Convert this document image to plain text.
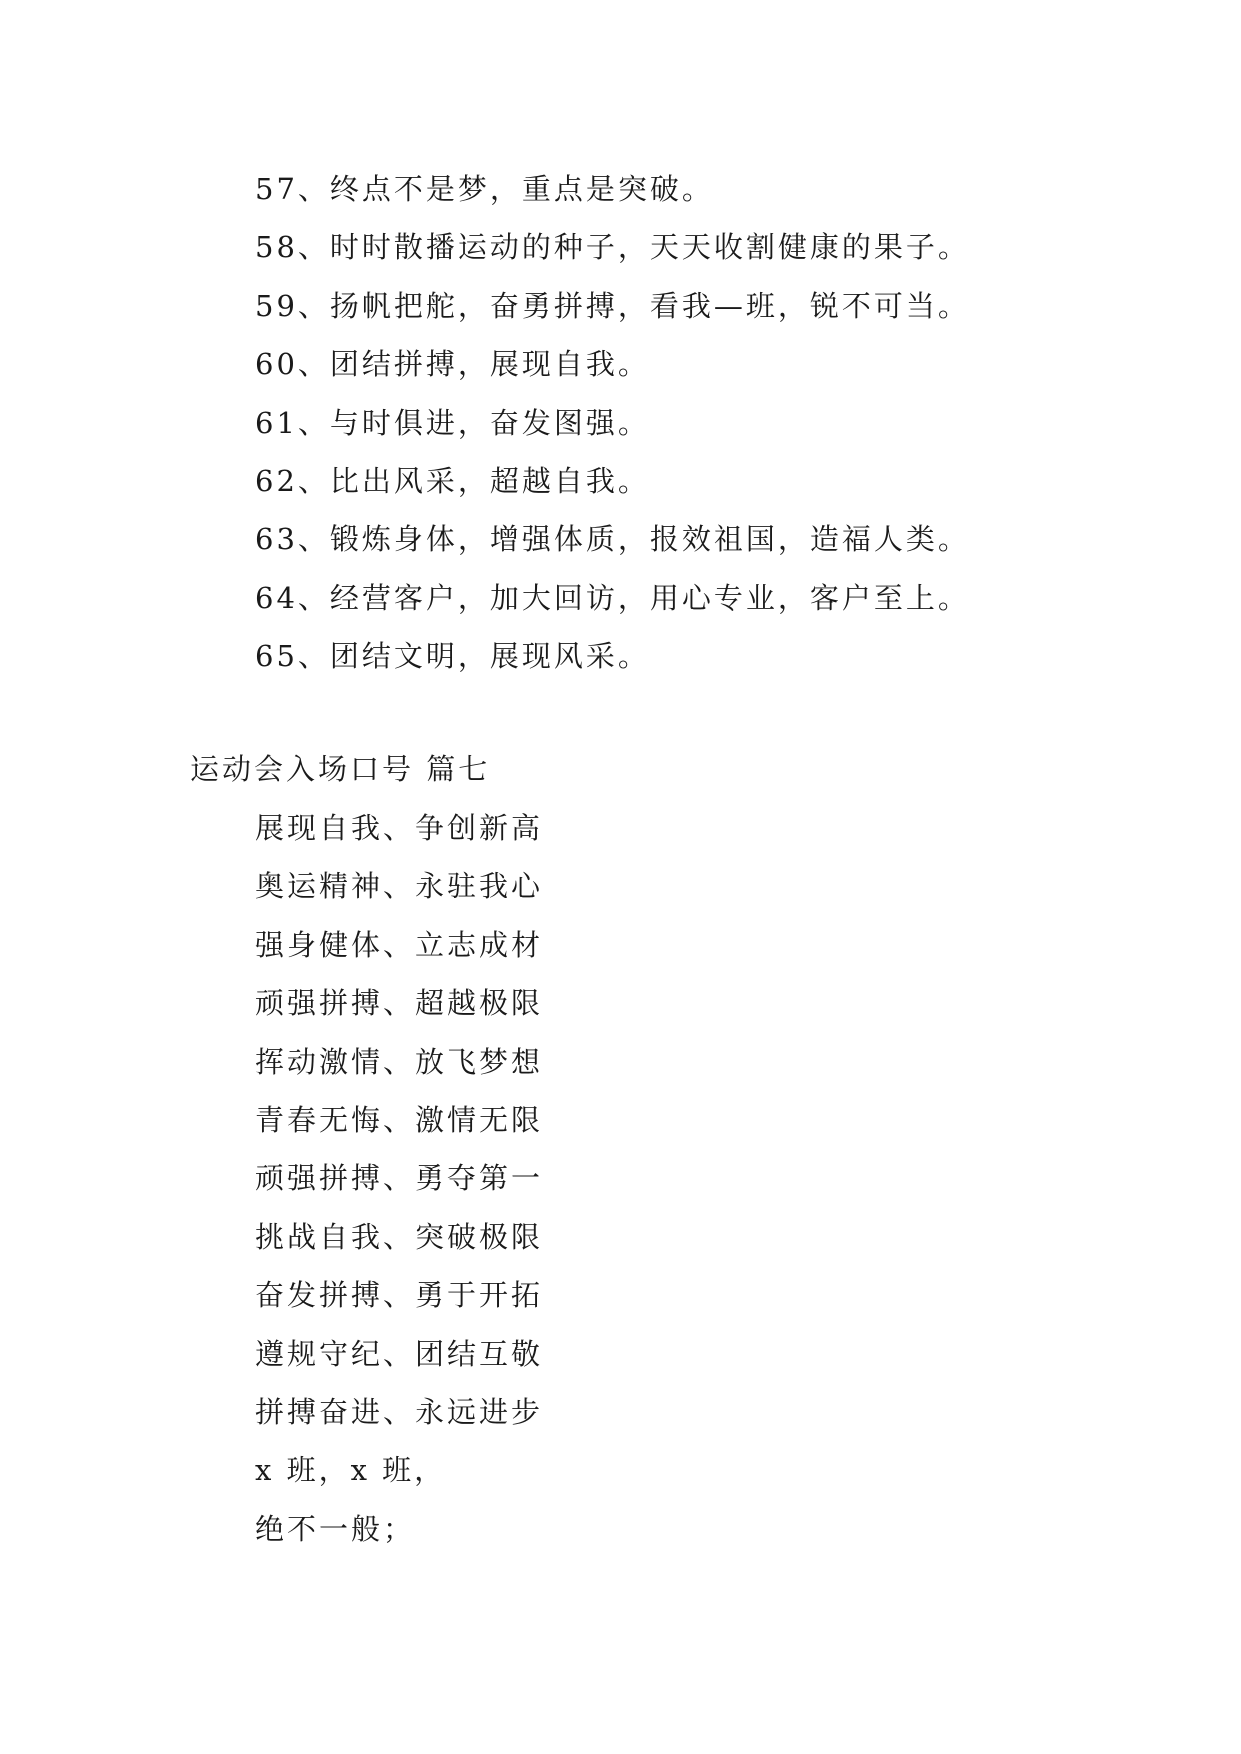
57、终点不是梦，重点是突破。
58、时时散播运动的种子，天天收割健康的果子。
59、扬帆把舵，奋勇拼搏，看我—班，锐不可当。
60、团结拼搏，展现自我。
61、与时俱进，奋发图强。
62、比出风采，超越自我。
63、锻炼身体，增强体质，报效祖国，造福人类。
64、经营客户，加大回访，用心专业，客户至上。
65、团结文明，展现风采。
运动会入场口号 篇七
展现自我、争创新高
奥运精神、永驻我心
强身健体、立志成材
顽强拼搏、超越极限
挥动激情、放飞梦想
青春无悔、激情无限
顽强拼搏、勇夺第一
挑战自我、突破极限
奋发拼搏、勇于开拓
遵规守纪、团结互敬
拼搏奋进、永远进步
x 班，x 班，
绝不一般；
